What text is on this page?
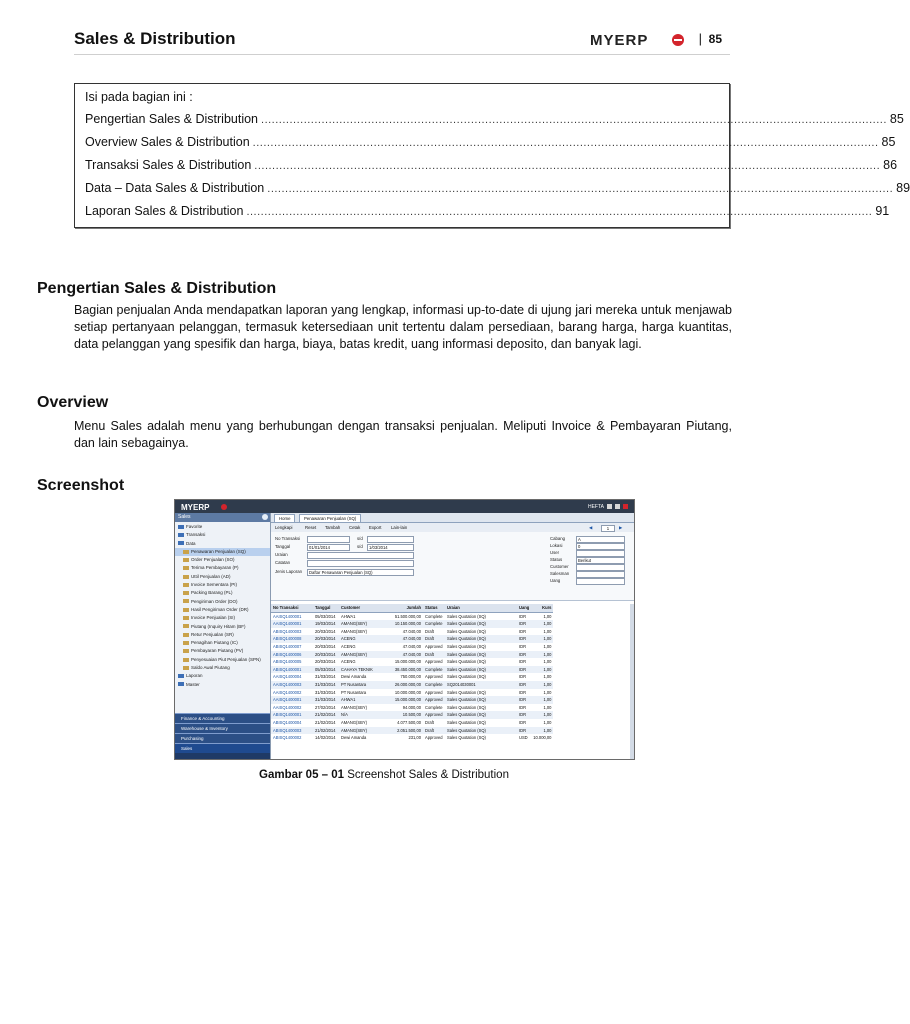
Sales & Distribution	MYERP	| 85
Isi pada bagian ini :
Pengertian Sales & Distribution ................................................................................................................................................................................ 85
Overview Sales & Distribution ................................................................................................................................................................................ 85
Transaksi Sales & Distribution ................................................................................................................................................................................ 86
Data – Data Sales & Distribution ................................................................................................................................................................................ 89
Laporan Sales & Distribution ................................................................................................................................................................................ 91
Pengertian Sales & Distribution

Bagian penjualan Anda mendapatkan laporan yang lengkap, informasi up-to-date di ujung jari mereka untuk menjawab setiap pertanyaan pelanggan, termasuk ketersediaan unit tertentu dalam persediaan, barang harga, harga kuantitas, data pelanggan yang spesifik dan harga, biaya, batas kredit, uang informasi deposito, dan banyak lagi.

Overview

Menu Sales adalah menu yang berhubungan dengan transaksi penjualan. Meliputi Invoice & Pembayaran Piutang, dan lain sebagainya.

Screenshot
MYERP	HEFTA
Sales
Favorite
Transaksi
Data
Penawaran Penjualan (SQ)
Order Penjualan (SO)
Terima Pembayaran (P)
Uttil Penjualan (AD)
Invoice Sementara (PI)
Packing Barang (PL)
Pengiriman Order (DO)
Hasil Pengiriman Order (DR)
Invoice Penjualan (SI)
Piutang (Inquiry Hitam (BF)
Retur Penjualan (SR)
Penagihan Piutang (IC)
Pembayaran Piutang (PV)
Penyesuaian Piut Penjualan (SPN)
Saldo Awal Piutang
Laporan
Master
Finance & Accounting
Warehouse & Inventory
Purchasing
Sales
Home	Penawaran Penjualan (SQ)
Lengkapi	Reset Tambah Cetak Export Lain-lain	◀	1	▶
No Transaksi	s/d
Tanggal	01/01/2014	s/d	1/03/2014
Uraian
Catatan
Jenis Laporan	Daftar Penawaran Penjualan (SQ)
Cabang	A
Lokasi	0
User
Status	Berikut
Customer
Salesman
Uang
No Transaksi	Tanggal	Customer	Jumlah	Status	Uraian	Uang	Kurs
AAISQ1400001	05/03/2014	AHWA1	51.500.000,00	Complete	Sales Quotation (SQ)	IDR	1,00
AAISQ1400001	19/03/2014	AMANG(SBY)	10.150.000,00	Complete	Sales Quotation (SQ)	IDR	1,00
ABISQ1400003	20/03/2014	AMANG(SBY)	47.040,00	Draft	Sales Quotation (SQ)	IDR	1,00
ABISQ1400008	20/03/2014	ACENG	47.040,00	Draft	Sales Quotation (SQ)	IDR	1,00
ABISQ1400007	20/03/2014	ACENG	47.040,00	Approved	Sales Quotation (SQ)	IDR	1,00
ABISQ1400006	20/03/2014	AMANG(SBY)	47.040,00	Draft	Sales Quotation (SQ)	IDR	1,00
ABISQ1400005	20/03/2014	ACENG	15.000.000,00	Approved	Sales Quotation (SQ)	IDR	1,00
ABISQ1400001	05/03/2014	CAHAYA TEKNIK	38.450.000,00	Complete	Sales Quotation (SQ)	IDR	1,00
AAISQ1400004	31/03/2014	Dewi Amanda	750.000,00	Approved	Sales Quotation (SQ)	IDR	1,00
AAISQ1400003	31/03/2014	PT Nusantara	26.000.000,00	Complete	SQ2014030001	IDR	1,00
AAISQ1400002	31/03/2014	PT Nusantara	10.000.000,00	Approved	Sales Quotation (SQ)	IDR	1,00
AAISQ1400001	31/03/2014	AHWA1	15.000.000,00	Approved	Sales Quotation (SQ)	IDR	1,00
AAISQ1400002	27/02/2014	AMANG(SBY)	94.000,00	Complete	Sales Quotation (SQ)	IDR	1,00
ABISQ1400001	21/02/2014	N/A	10.500,00	Approved	Sales Quotation (SQ)	IDR	1,00
ABISQ1400004	21/02/2014	AMANG(SBY)	4.077.500,00	Draft	Sales Quotation (SQ)	IDR	1,00
ABISQ1400003	21/02/2014	AMANG(SBY)	2.051.500,00	Draft	Sales Quotation (SQ)	IDR	1,00
ABISQ1400002	14/02/2014	Dewi Amanda	231,00	Approved	Sales Quotation (SQ)	USD	10.000,00
Gambar 05 – 01 Screenshot Sales & Distribution
